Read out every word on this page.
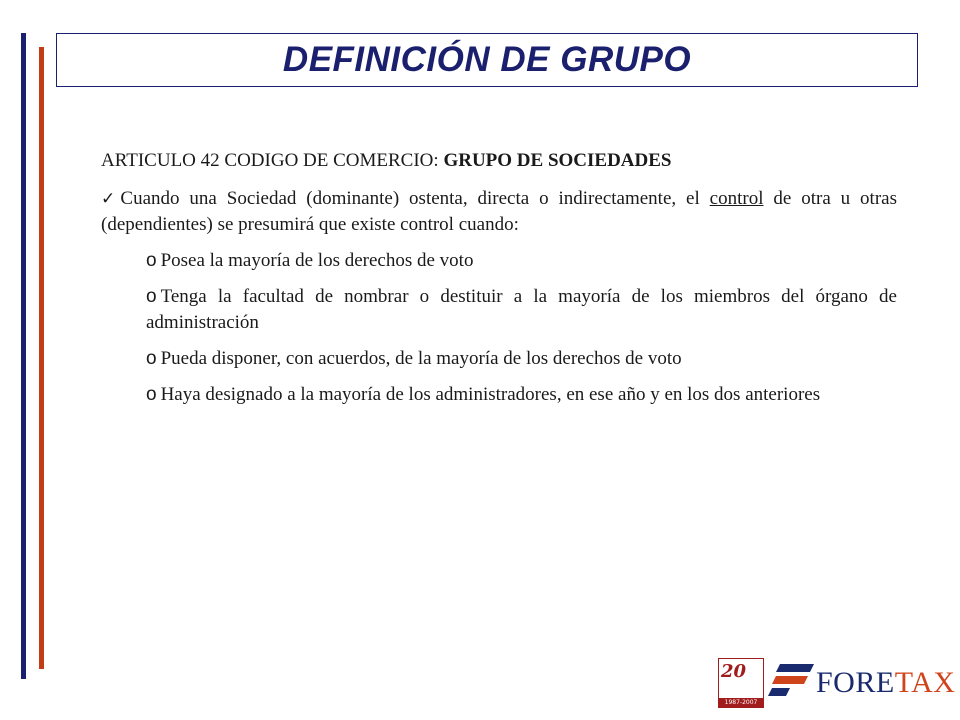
DEFINICIÓN DE GRUPO

ARTICULO 42 CODIGO DE COMERCIO: GRUPO DE SOCIEDADES

✓Cuando una Sociedad (dominante) ostenta, directa o indirectamente, el control de otra u otras (dependientes) se presumirá que existe control cuando:

o Posea la mayoría de los derechos de voto

o Tenga la facultad de nombrar o destituir a la mayoría de los miembros del órgano de administración

o Pueda disponer, con acuerdos, de la mayoría de los derechos de voto

o Haya designado a la mayoría de los administradores, en ese año y en los dos anteriores

20
1987-2007
FORETAX
